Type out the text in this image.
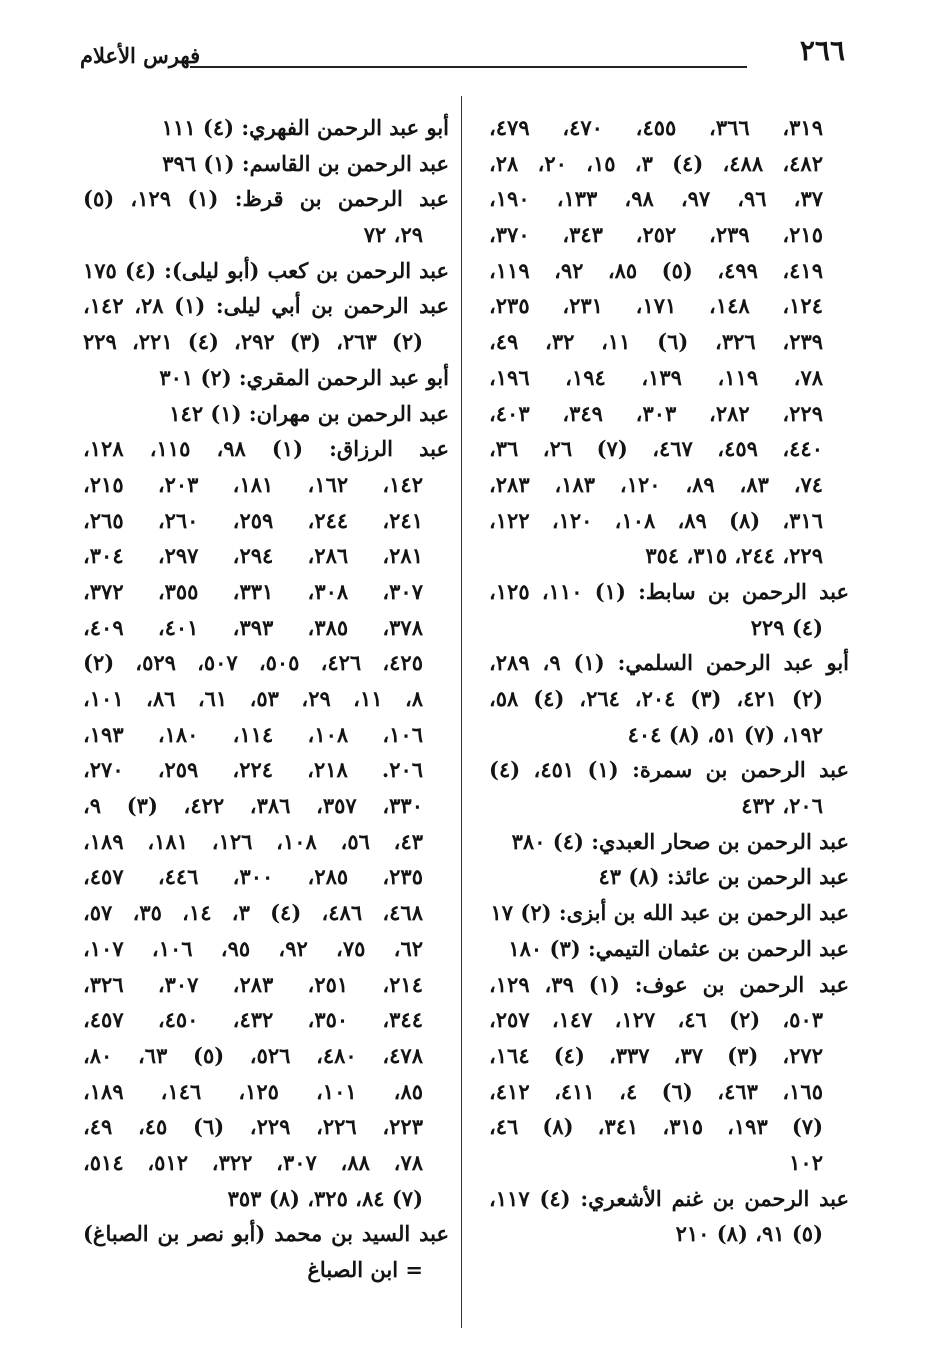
٢٦٦
فهرس الأعلام
٣١٩، ٣٦٦، ٤٥٥، ٤٧٠، ٤٧٩،
٤٨٢، ٤٨٨، (٤) ٣، ١٥، ٢٠، ٢٨،
٣٧، ٩٦، ٩٧، ٩٨، ١٣٣، ١٩٠،
٢١٥، ٢٣٩، ٢٥٢، ٣٤٣، ٣٧٠،
٤١٩، ٤٩٩، (٥) ٨٥، ٩٢، ١١٩،
١٢٤، ١٤٨، ١٧١، ٢٣١، ٢٣٥،
٢٣٩، ٣٢٦، (٦) ١١، ٣٢، ٤٩،
٧٨، ١١٩، ١٣٩، ١٩٤، ١٩٦،
٢٢٩، ٢٨٢، ٣٠٣، ٣٤٩، ٤٠٣،
٤٤٠، ٤٥٩، ٤٦٧، (٧) ٢٦، ٣٦،
٧٤، ٨٣، ٨٩، ١٢٠، ١٨٣، ٢٨٣،
٣١٦، (٨) ٨٩، ١٠٨، ١٢٠، ١٢٢،
٢٢٩، ٢٤٤، ٣١٥، ٣٥٤
عبد الرحمن بن سابط: (١) ١١٠، ١٢٥،
(٤) ٢٢٩
أبو عبد الرحمن السلمي: (١) ٩، ٢٨٩،
(٢) ٤٢١، (٣) ٢٠٤، ٢٦٤، (٤) ٥٨،
١٩٢، (٧) ٥١، (٨) ٤٠٤
عبد الرحمن بن سمرة: (١) ٤٥١، (٤)
٢٠٦، ٤٣٢
عبد الرحمن بن صحار العبدي: (٤) ٣٨٠
عبد الرحمن بن عائذ: (٨) ٤٣
عبد الرحمن بن عبد الله بن أبزى: (٢) ١٧
عبد الرحمن بن عثمان التيمي: (٣) ١٨٠
عبد الرحمن بن عوف: (١) ٣٩، ١٢٩،
٥٠٣، (٢) ٤٦، ١٢٧، ١٤٧، ٢٥٧،
٢٧٢، (٣) ٣٧، ٣٣٧، (٤) ١٦٤،
١٦٥، ٤٦٣، (٦) ٤، ٤١١، ٤١٢،
(٧) ١٩٣، ٣١٥، ٣٤١، (٨) ٤٦،
١٠٢
عبد الرحمن بن غنم الأشعري: (٤) ١١٧،
(٥) ٩١، (٨) ٢١٠
أبو عبد الرحمن الفهري: (٤) ١١١
عبد الرحمن بن القاسم: (١) ٣٩٦
عبد الرحمن بن قرظ: (١) ١٢٩، (٥)
٢٩، ٧٢
عبد الرحمن بن كعب (أبو ليلى): (٤) ١٧٥
عبد الرحمن بن أبي ليلى: (١) ٢٨، ١٤٢،
(٢) ٢٦٣، (٣) ٢٩٢، (٤) ٢٢١، ٢٢٩
أبو عبد الرحمن المقري: (٢) ٣٠١
عبد الرحمن بن مهران: (١) ١٤٢
عبد الرزاق: (١) ٩٨، ١١٥، ١٢٨،
١٤٢، ١٦٢، ١٨١، ٢٠٣، ٢١٥،
٢٤١، ٢٤٤، ٢٥٩، ٢٦٠، ٢٦٥،
٢٨١، ٢٨٦، ٢٩٤، ٢٩٧، ٣٠٤،
٣٠٧، ٣٠٨، ٣٣١، ٣٥٥، ٣٧٢،
٣٧٨، ٣٨٥، ٣٩٣، ٤٠١، ٤٠٩،
٤٢٥، ٤٢٦، ٥٠٥، ٥٠٧، ٥٢٩، (٢)
٨، ١١، ٢٩، ٥٣، ٦١، ٨٦، ١٠١،
١٠٦، ١٠٨، ١١٤، ١٨٠، ١٩٣،
٢٠٦. ٢١٨، ٢٢٤، ٢٥٩، ٢٧٠،
٣٣٠، ٣٥٧، ٣٨٦، ٤٢٢، (٣) ٩،
٤٣، ٥٦، ١٠٨، ١٢٦، ١٨١، ١٨٩،
٢٣٥، ٢٨٥، ٣٠٠، ٤٤٦، ٤٥٧،
٤٦٨، ٤٨٦، (٤) ٣، ١٤، ٣٥، ٥٧،
٦٢، ٧٥، ٩٢، ٩٥، ١٠٦، ١٠٧،
٢١٤، ٢٥١، ٢٨٣، ٣٠٧، ٣٢٦،
٣٤٤، ٣٥٠، ٤٣٢، ٤٥٠، ٤٥٧،
٤٧٨، ٤٨٠، ٥٢٦، (٥) ٦٣، ٨٠،
٨٥، ١٠١، ١٢٥، ١٤٦، ١٨٩،
٢٢٣، ٢٢٦، ٢٢٩، (٦) ٤٥، ٤٩،
٧٨، ٨٨، ٣٠٧، ٣٢٢، ٥١٢، ٥١٤،
(٧) ٨٤، ٣٢٥، (٨) ٣٥٣
عبد السيد بن محمد (أبو نصر بن الصباغ)
= ابن الصباغ
